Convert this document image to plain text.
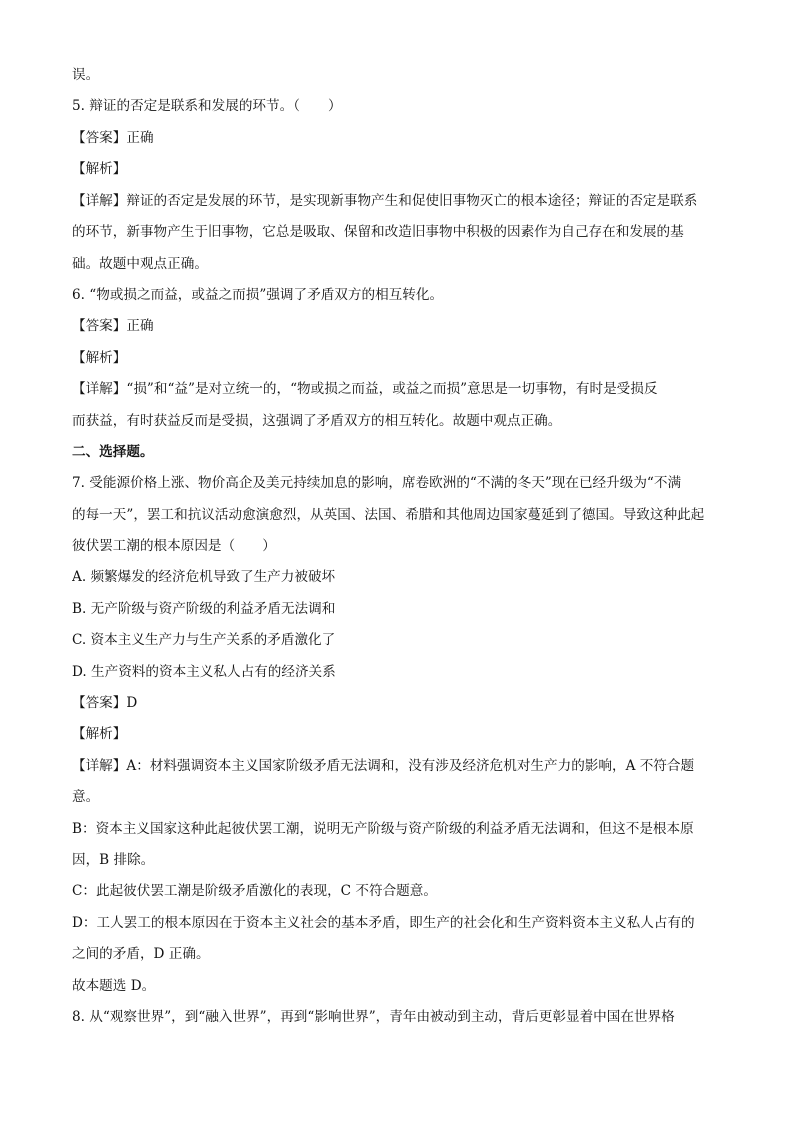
误。
5. 辩证的否定是联系和发展的环节。（ ）
【答案】正确
【解析】
【详解】辩证的否定是发展的环节，是实现新事物产生和促使旧事物灭亡的根本途径；辩证的否定是联系
的环节，新事物产生于旧事物，它总是吸取、保留和改造旧事物中积极的因素作为自己存在和发展的基
础。故题中观点正确。
6. “物或损之而益，或益之而损”强调了矛盾双方的相互转化。
【答案】正确
【解析】
【详解】“损”和“益”是对立统一的，“物或损之而益，或益之而损”意思是一切事物，有时是受损反
而获益，有时获益反而是受损，这强调了矛盾双方的相互转化。故题中观点正确。
二、选择题。
7. 受能源价格上涨、物价高企及美元持续加息的影响，席卷欧洲的“不满的冬天”现在已经升级为“不满
的每一天”，罢工和抗议活动愈演愈烈，从英国、法国、希腊和其他周边国家蔓延到了德国。导致这种此起
彼伏罢工潮的根本原因是（　　）
A. 频繁爆发的经济危机导致了生产力被破坏
B. 无产阶级与资产阶级的利益矛盾无法调和
C. 资本主义生产力与生产关系的矛盾激化了
D. 生产资料的资本主义私人占有的经济关系
【答案】D
【解析】
【详解】A：材料强调资本主义国家阶级矛盾无法调和，没有涉及经济危机对生产力的影响，A 不符合题
意。
B：资本主义国家这种此起彼伏罢工潮，说明无产阶级与资产阶级的利益矛盾无法调和，但这不是根本原
因，B 排除。
C：此起彼伏罢工潮是阶级矛盾激化的表现，C 不符合题意。
D：工人罢工的根本原因在于资本主义社会的基本矛盾，即生产的社会化和生产资料资本主义私人占有的
之间的矛盾，D 正确。
故本题选 D。
8. 从“观察世界”，到“融入世界”，再到“影响世界”，青年由被动到主动，背后更彰显着中国在世界格
